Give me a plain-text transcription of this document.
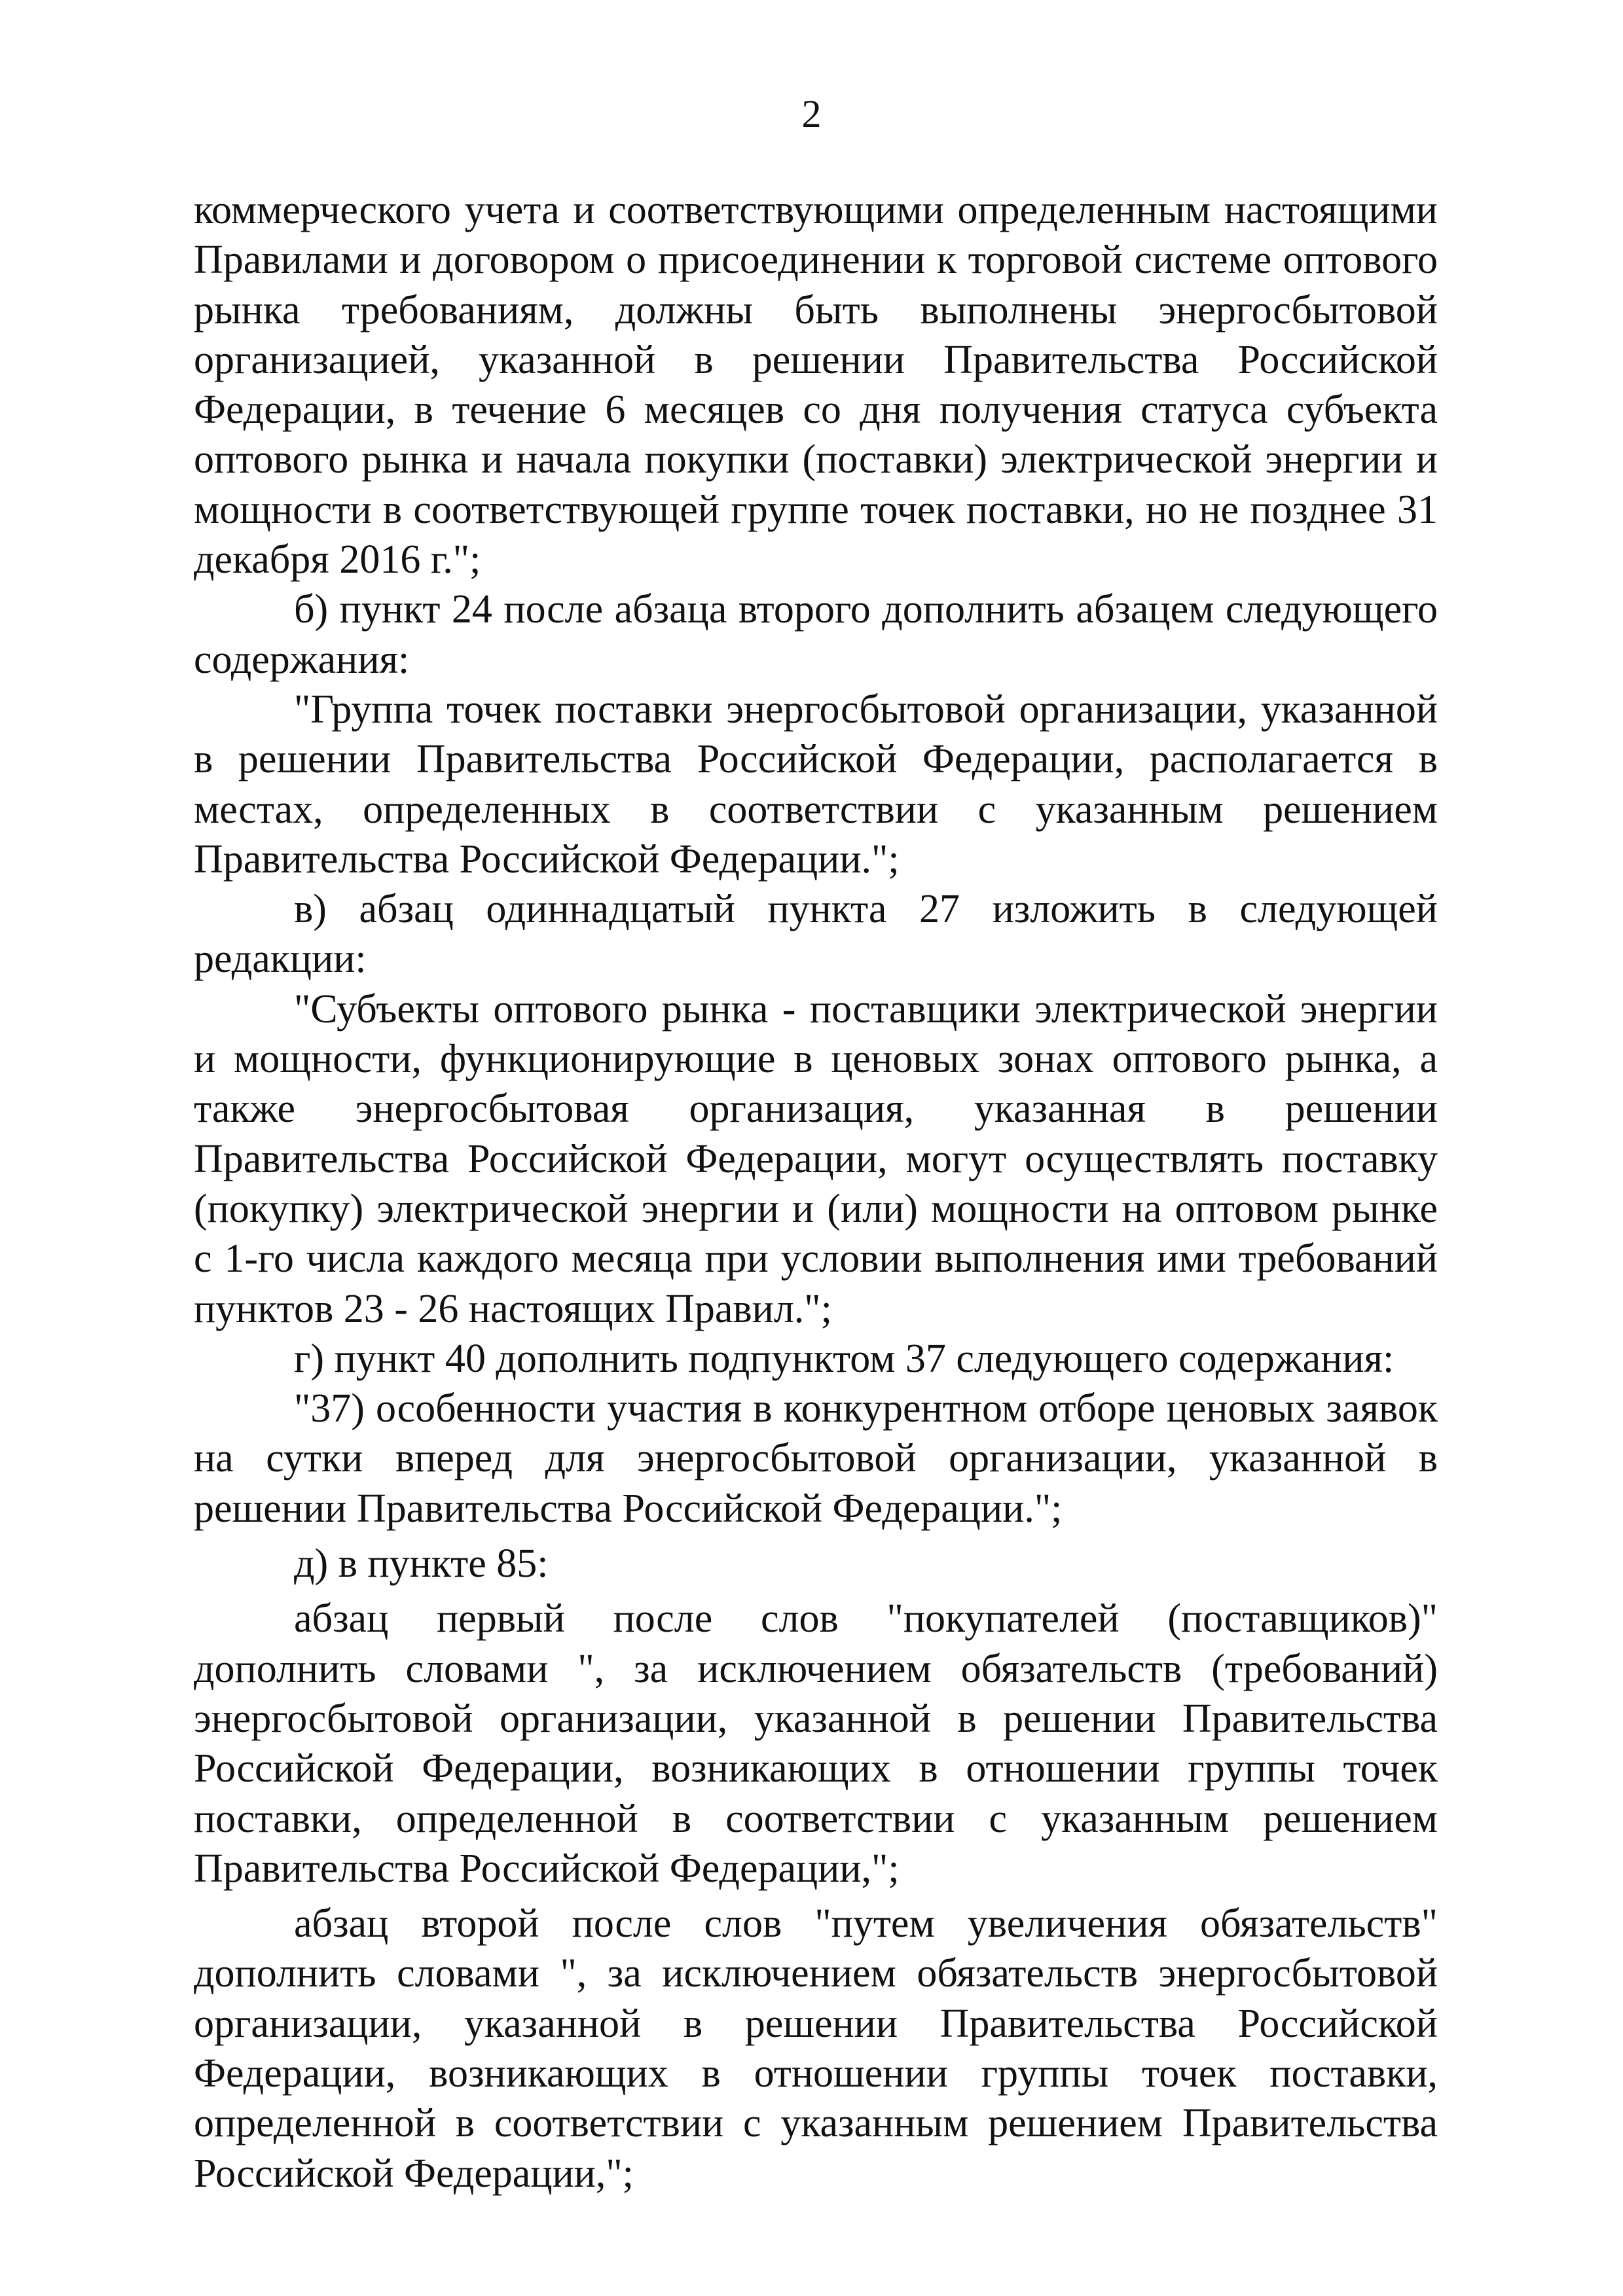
2

коммерческого учета и соответствующими определенным настоящими Правилами и договором о присоединении к торговой системе оптового рынка требованиям, должны быть выполнены энергосбытовой организацией, указанной в решении Правительства Российской Федерации, в течение 6 месяцев со дня получения статуса субъекта оптового рынка и начала покупки (поставки) электрической энергии и мощности в соответствующей группе точек поставки, но не позднее 31 декабря 2016 г.";

б) пункт 24 после абзаца второго дополнить абзацем следующего содержания:

"Группа точек поставки энергосбытовой организации, указанной в решении Правительства Российской Федерации, располагается в местах, определенных в соответствии с указанным решением Правительства Российской Федерации.";

в) абзац одиннадцатый пункта 27 изложить в следующей редакции:

"Субъекты оптового рынка - поставщики электрической энергии и мощности, функционирующие в ценовых зонах оптового рынка, а также энергосбытовая организация, указанная в решении Правительства Российской Федерации, могут осуществлять поставку (покупку) электрической энергии и (или) мощности на оптовом рынке с 1-го числа каждого месяца при условии выполнения ими требований пунктов 23 - 26 настоящих Правил.";

г) пункт 40 дополнить подпунктом 37 следующего содержания:

"37) особенности участия в конкурентном отборе ценовых заявок на сутки вперед для энергосбытовой организации, указанной в решении Правительства Российской Федерации.";

д) в пункте 85:

абзац первый после слов "покупателей (поставщиков)" дополнить словами ", за исключением обязательств (требований) энергосбытовой организации, указанной в решении Правительства Российской Федерации, возникающих в отношении группы точек поставки, определенной в соответствии с указанным решением Правительства Российской Федерации,";

абзац второй после слов "путем увеличения обязательств" дополнить словами ", за исключением обязательств энергосбытовой организации, указанной в решении Правительства Российской Федерации, возникающих в отношении группы точек поставки, определенной в соответствии с указанным решением Правительства Российской Федерации,";
